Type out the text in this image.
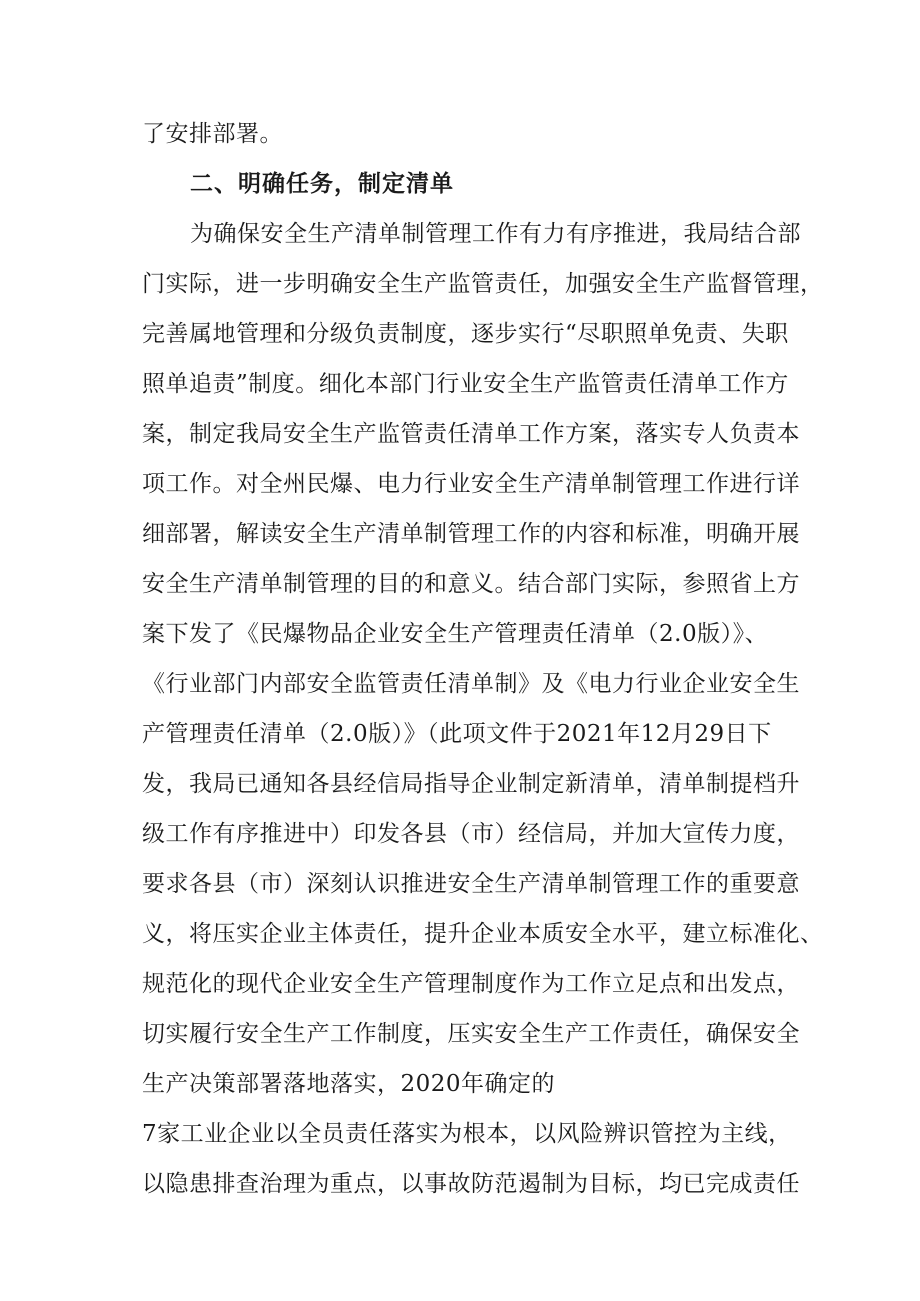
了安排部署。
二、明确任务，制定清单
为确保安全生产清单制管理工作有力有序推进，我局结合部
门实际，进一步明确安全生产监管责任，加强安全生产监督管理，
完善属地管理和分级负责制度，逐步实行“尽职照单免责、失职
照单追责”制度。细化本部门行业安全生产监管责任清单工作方
案，制定我局安全生产监管责任清单工作方案，落实专人负责本
项工作。对全州民爆、电力行业安全生产清单制管理工作进行详
细部署，解读安全生产清单制管理工作的内容和标准，明确开展
安全生产清单制管理的目的和意义。结合部门实际，参照省上方
案下发了《民爆物品企业安全生产管理责任清单（2.0版）》、
《行业部门内部安全监管责任清单制》及《电力行业企业安全生
产管理责任清单（2.0版）》（此项文件于2021年12月29日下
发，我局已通知各县经信局指导企业制定新清单，清单制提档升
级工作有序推进中）印发各县（市）经信局，并加大宣传力度，
要求各县（市）深刻认识推进安全生产清单制管理工作的重要意
义，将压实企业主体责任，提升企业本质安全水平，建立标准化、
规范化的现代企业安全生产管理制度作为工作立足点和出发点，
切实履行安全生产工作制度，压实安全生产工作责任，确保安全
生产决策部署落地落实，2020年确定的
7家工业企业以全员责任落实为根本，以风险辨识管控为主线，
以隐患排查治理为重点，以事故防范遏制为目标，均已完成责任
